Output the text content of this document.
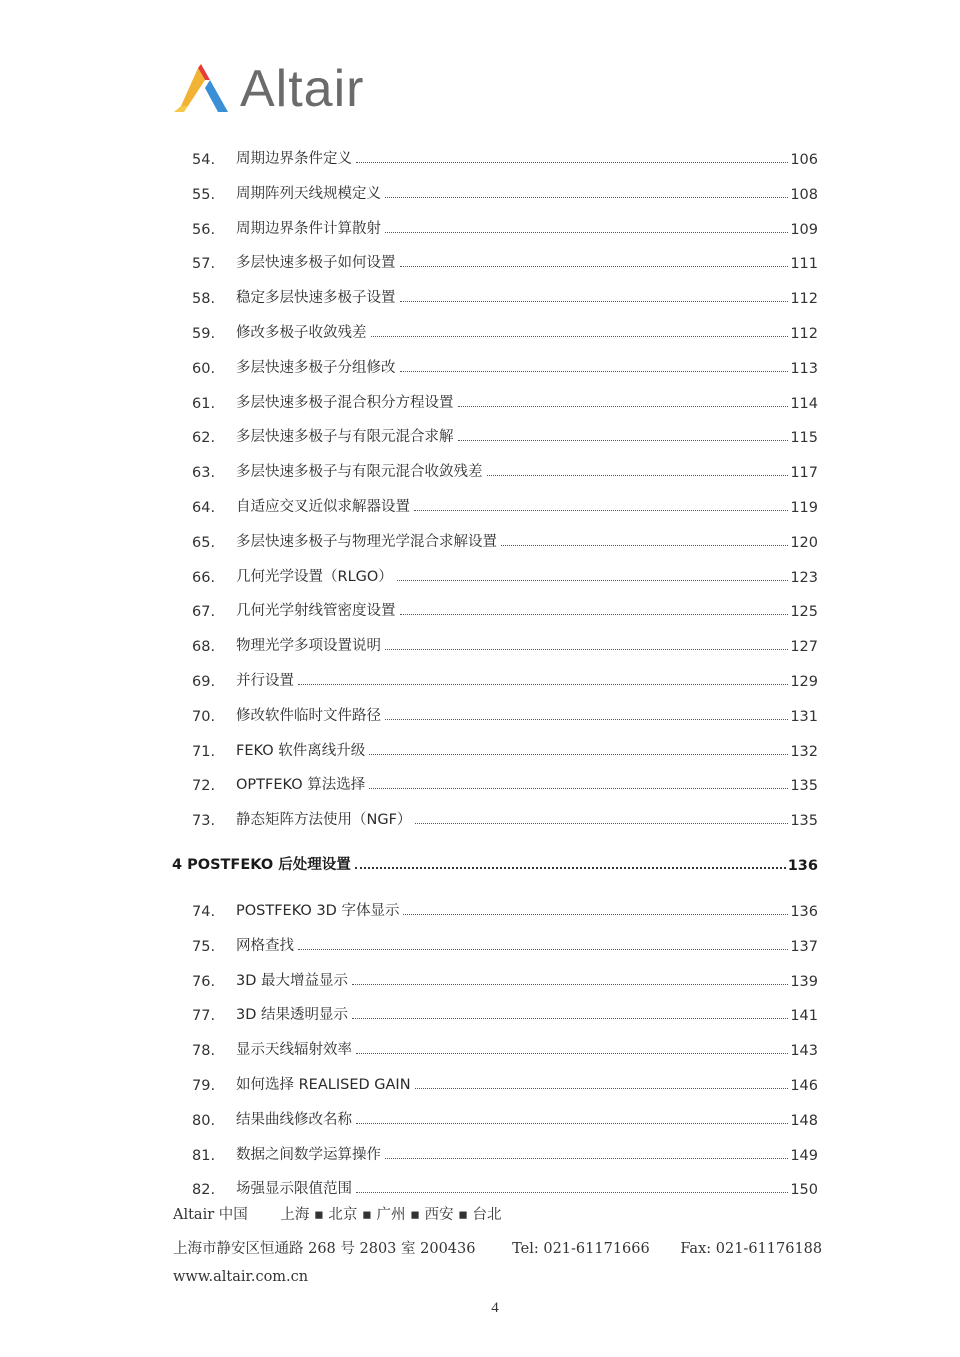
Altair
54.	周期边界条件定义	106
55.	周期阵列天线规模定义	108
56.	周期边界条件计算散射	109
57.	多层快速多极子如何设置	111
58.	稳定多层快速多极子设置	112
59.	修改多极子收敛残差	112
60.	多层快速多极子分组修改	113
61.	多层快速多极子混合积分方程设置	114
62.	多层快速多极子与有限元混合求解	115
63.	多层快速多极子与有限元混合收敛残差	117
64.	自适应交叉近似求解器设置	119
65.	多层快速多极子与物理光学混合求解设置	120
66.	几何光学设置（RLGO）	123
67.	几何光学射线管密度设置	125
68.	物理光学多项设置说明	127
69.	并行设置	129
70.	修改软件临时文件路径	131
71.	FEKO 软件离线升级	132
72.	OPTFEKO 算法选择	135
73.	静态矩阵方法使用（NGF）	135
4 POSTFEKO 后处理设置	136
74.	POSTFEKO 3D 字体显示	136
75.	网格查找	137
76.	3D 最大增益显示	139
77.	3D 结果透明显示	141
78.	显示天线辐射效率	143
79.	如何选择 REALISED GAIN	146
80.	结果曲线修改名称	148
81.	数据之间数学运算操作	149
82.	场强显示限值范围	150
Altair 中国 上海 ▪ 北京 ▪ 广州 ▪ 西安 ▪ 台北
上海市静安区恒通路 268 号 2803 室 200436	Tel: 021-61171666 Fax: 021-61176188
www.altair.com.cn
4
